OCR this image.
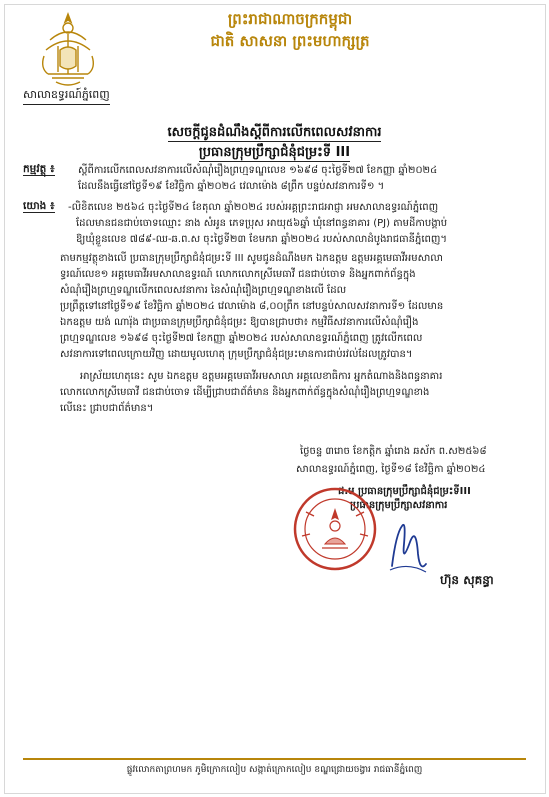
ព្រះរាជាណាចក្រកម្ពុជា
ជាតិ សាសនា ព្រះមហាក្សត្រ
សាលាឧទ្ធរណ៍ភ្នំពេញ
សេចក្ដីជូនដំណឹងស្ដីពីការលើកពេលសវនាការ
ប្រធានក្រុមប្រឹក្សាជំនុំជម្រះទី III
កម្មវត្ថុ ៖ ស្ដីពីការលើកពេលសវនាការលើសំណុំរឿងព្រហ្មទណ្ឌលេខ ១៦៩៨ ចុះថ្ងៃទី២៧ ខែកញ្ញា ឆ្នាំ២០២៤
ដែលនឹងធ្វើនៅថ្ងៃទី១៩ ខែវិច្ឆិកា ឆ្នាំ២០២៤ វេលាម៉ោង ៨ព្រឹក បន្ទប់សវនាការទី១ ។
យោង ៖ -លិខិតលេខ ២៥៦៤ ចុះថ្ងៃទី២៤ ខែតុលា ឆ្នាំ២០២៤ របស់អគ្គព្រះរាជអាជ្ញា អមសាលាឧទ្ធរណ៍ភ្នំពេញ
ដែលមានជនជាប់ចោទឈ្មោះ នាង សំអូន ភេទប្រុស អាយុ៥៦ឆ្នាំ ឃុំនៅពន្ធនាគារ (PJ) តាមដីកាបង្គាប់
ឱ្យឃុំខ្លួនលេខ ៧៨៩-ឈ-ឆ.ព.ស ចុះថ្ងៃទី២៣ ខែមករា ឆ្នាំ២០២៤ របស់សាលាដំបូងរាជធានីភ្នំពេញ។
តាមកម្មវត្ថុខាងលើ ប្រធានក្រុមប្រឹក្សាជំនុំជម្រះទី III សូមជូនដំណឹងមក ឯកឧត្តម ឧត្តមអគ្គមេធាវីអមសាលា
ទ្ធរណ៍លេខ១ អគ្គមេធាវីអមសាលាឧទ្ធរណ៍ លោកលោកស្រីមេធាវី ជនជាប់ចោទ និងអ្នកពាក់ព័ន្ធក្នុង
សំណុំរឿងព្រហ្មទណ្ឌលើកពេលសវនាការ នៃសំណុំរឿងព្រហ្មទណ្ឌខាងលើ ដែល
ប្រព្រឹត្តទៅនៅថ្ងៃទី១៩ ខែវិច្ឆិកា ឆ្នាំ២០២៤ វេលាម៉ោង ៨,០០ព្រឹក នៅបន្ទប់សាលសវនាការទី១ ដែលមាន
ឯកឧត្តម យង់ ណារ៉ុង ជាប្រធានក្រុមប្រឹក្សាជំនុំជម្រះ ឱ្យបានជ្រាបថា៖ កម្មវិធីសវនាការលើសំណុំរឿង
ព្រហ្មទណ្ឌលេខ ១៦៩៨ ចុះថ្ងៃទី២៧ ខែកញ្ញា ឆ្នាំ២០២៤ របស់សាលាឧទ្ធរណ៍ភ្នំពេញ ត្រូវលើកពេល
សវនាការទៅពេលក្រោយវិញ ដោយមូលហេតុ ក្រុមប្រឹក្សាជំនុំជម្រះមានការជាប់រវល់ដែលត្រូវបាន។
អាស្រ័យហេតុនេះ សូម ឯកឧត្តម ឧត្តមអគ្គមេធាវីអមសាលា អគ្គលេខាធិការ អ្នកតំណាងនិងពន្ធនាគារ
លោកលោកស្រីមេធាវី ជនជាប់ចោទ ដើម្បីជ្រាបជាព័ត៌មាន និងអ្នកពាក់ព័ន្ធក្នុងសំណុំរឿងព្រហ្មទណ្ឌខាង
លើនេះ ជ្រាបជាព័ត៌មាន។
ថ្ងៃចន្ទ ៣រោច ខែកត្តិក ឆ្នាំរោង ឆស័ក ព.ស២៥៦៨
សាលាឧទ្ធរណ៍ភ្នំពេញ, ថ្ងៃទី១៨ ខែវិច្ឆិកា ឆ្នាំ២០២៤
ជ.ម ប្រធានក្រុមប្រឹក្សាជំនុំជម្រះទីIII
ប្រធានក្រុមប្រឹក្សាសវនាការ
ហ៊ុន សុគន្ធា
ផ្លូវលោកតាព្រហមក ភូមិក្រោកលៀប សង្កាត់ក្រោកលៀប ខណ្ឌជ្រោយចង្វារ រាជធានីភ្នំពេញ
